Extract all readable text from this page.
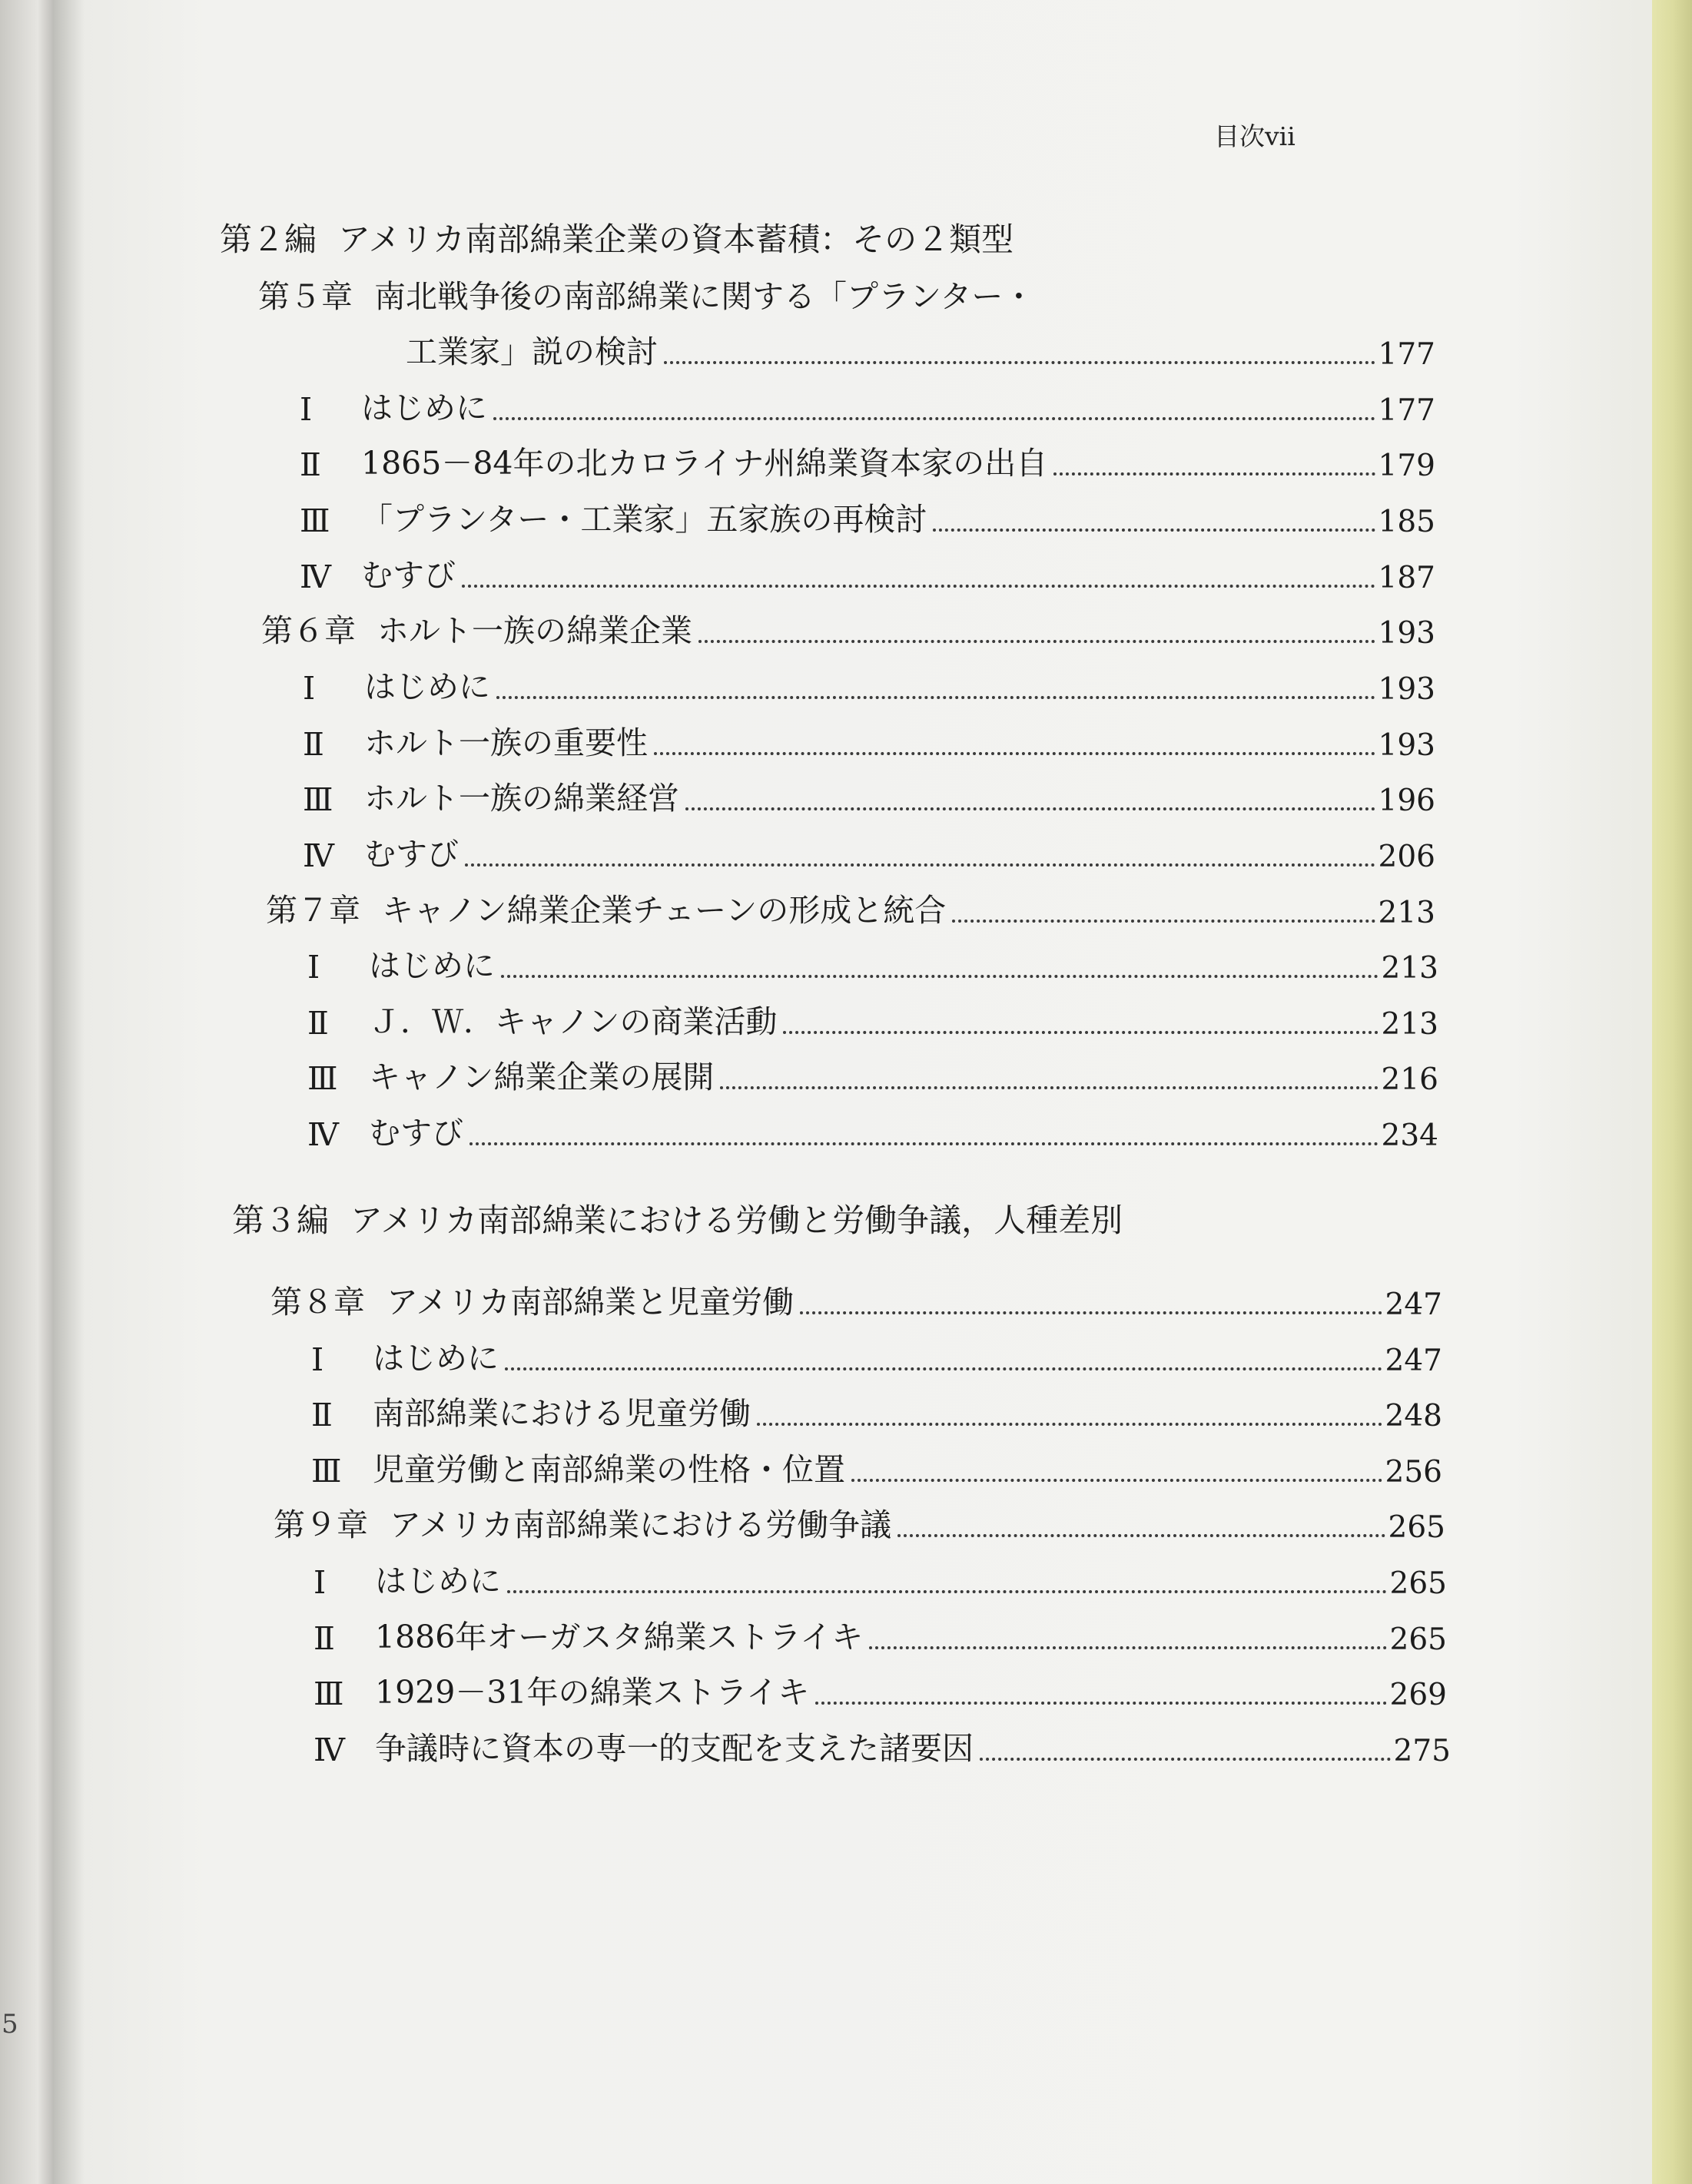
5
目次vii
第２編 アメリカ南部綿業企業の資本蓄積：その２類型
第５章 南北戦争後の南部綿業に関する「プランター・
工業家」説の検討	177
Ⅰ	はじめに	177
Ⅱ	1865－84年の北カロライナ州綿業資本家の出自	179
Ⅲ 「プランター・工業家」五家族の再検討	185
Ⅳ むすび	187
第６章 ホルト一族の綿業企業	193
Ⅰ	はじめに	193
Ⅱ	ホルト一族の重要性	193
Ⅲ ホルト一族の綿業経営	196
Ⅳ むすび	206
第７章 キャノン綿業企業チェーンの形成と統合	213
Ⅰ	はじめに	213
Ⅱ	Ｊ．Ｗ．キャノンの商業活動	213
Ⅲ キャノン綿業企業の展開	216
Ⅳ むすび	234
第３編 アメリカ南部綿業における労働と労働争議，人種差別
第８章 アメリカ南部綿業と児童労働	247
Ⅰ	はじめに	247
Ⅱ	南部綿業における児童労働	248
Ⅲ 児童労働と南部綿業の性格・位置	256
第９章 アメリカ南部綿業における労働争議	265
Ⅰ	はじめに	265
Ⅱ	1886年オーガスタ綿業ストライキ	265
Ⅲ 1929－31年の綿業ストライキ	269
Ⅳ 争議時に資本の専一的支配を支えた諸要因	275
